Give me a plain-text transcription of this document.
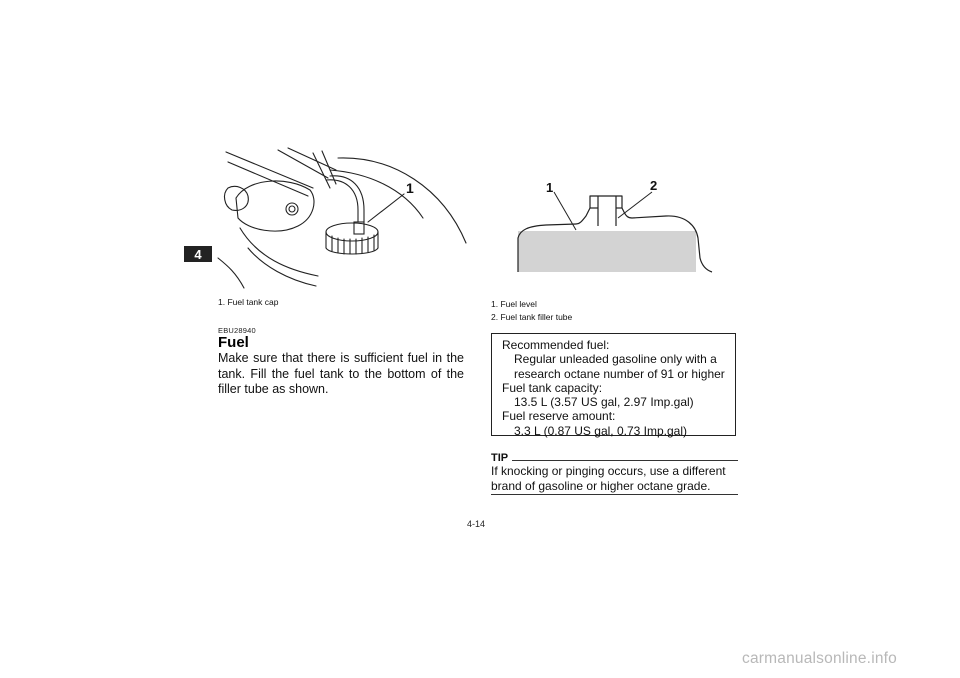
4
1	1	2
1. Fuel tank cap	1. Fuel level
2. Fuel tank filler tube
EBU28940
Fuel
Make sure that there is sufficient fuel in the tank. Fill the fuel tank to the bottom of the filler tube as shown.
Recommended fuel:
Regular unleaded gasoline only with a research octane number of 91 or higher
Fuel tank capacity:
13.5 L (3.57 US gal, 2.97 Imp.gal)
Fuel reserve amount:
3.3 L (0.87 US gal, 0.73 Imp.gal)
TIP
If knocking or pinging occurs, use a different brand of gasoline or higher octane grade.
4-14
carmanualsonline.info
